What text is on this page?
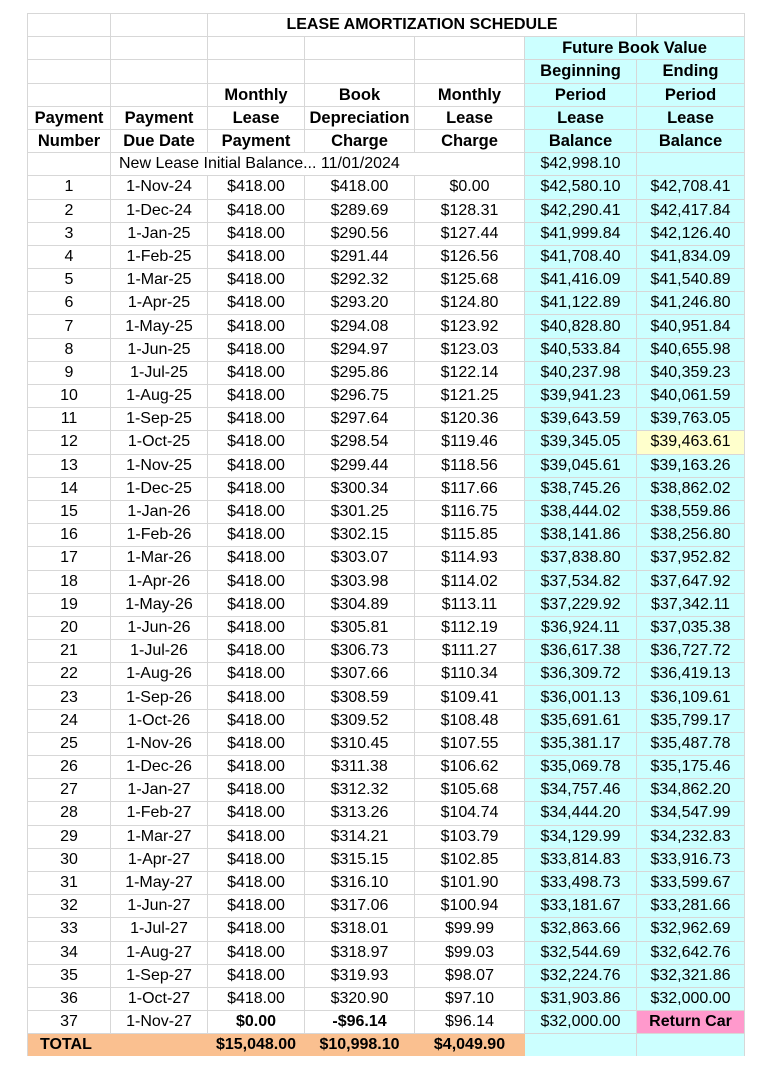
		LEASE AMORTIZATION SCHEDULE				
					Future Book Value	
					Beginning	Ending
		Monthly	Book	Monthly	Period	Period
Payment	Payment	Lease	Depreciation	Lease	Lease	Lease
Number	Due Date	Payment	Charge	Charge	Balance	Balance
	New Lease Initial Balance... 11/01/2024				$42,998.10	
1	1-Nov-24	$418.00	$418.00	$0.00	$42,580.10	$42,708.41
2	1-Dec-24	$418.00	$289.69	$128.31	$42,290.41	$42,417.84
3	1-Jan-25	$418.00	$290.56	$127.44	$41,999.84	$42,126.40
4	1-Feb-25	$418.00	$291.44	$126.56	$41,708.40	$41,834.09
5	1-Mar-25	$418.00	$292.32	$125.68	$41,416.09	$41,540.89
6	1-Apr-25	$418.00	$293.20	$124.80	$41,122.89	$41,246.80
7	1-May-25	$418.00	$294.08	$123.92	$40,828.80	$40,951.84
8	1-Jun-25	$418.00	$294.97	$123.03	$40,533.84	$40,655.98
9	1-Jul-25	$418.00	$295.86	$122.14	$40,237.98	$40,359.23
10	1-Aug-25	$418.00	$296.75	$121.25	$39,941.23	$40,061.59
11	1-Sep-25	$418.00	$297.64	$120.36	$39,643.59	$39,763.05
12	1-Oct-25	$418.00	$298.54	$119.46	$39,345.05	$39,463.61
13	1-Nov-25	$418.00	$299.44	$118.56	$39,045.61	$39,163.26
14	1-Dec-25	$418.00	$300.34	$117.66	$38,745.26	$38,862.02
15	1-Jan-26	$418.00	$301.25	$116.75	$38,444.02	$38,559.86
16	1-Feb-26	$418.00	$302.15	$115.85	$38,141.86	$38,256.80
17	1-Mar-26	$418.00	$303.07	$114.93	$37,838.80	$37,952.82
18	1-Apr-26	$418.00	$303.98	$114.02	$37,534.82	$37,647.92
19	1-May-26	$418.00	$304.89	$113.11	$37,229.92	$37,342.11
20	1-Jun-26	$418.00	$305.81	$112.19	$36,924.11	$37,035.38
21	1-Jul-26	$418.00	$306.73	$111.27	$36,617.38	$36,727.72
22	1-Aug-26	$418.00	$307.66	$110.34	$36,309.72	$36,419.13
23	1-Sep-26	$418.00	$308.59	$109.41	$36,001.13	$36,109.61
24	1-Oct-26	$418.00	$309.52	$108.48	$35,691.61	$35,799.17
25	1-Nov-26	$418.00	$310.45	$107.55	$35,381.17	$35,487.78
26	1-Dec-26	$418.00	$311.38	$106.62	$35,069.78	$35,175.46
27	1-Jan-27	$418.00	$312.32	$105.68	$34,757.46	$34,862.20
28	1-Feb-27	$418.00	$313.26	$104.74	$34,444.20	$34,547.99
29	1-Mar-27	$418.00	$314.21	$103.79	$34,129.99	$34,232.83
30	1-Apr-27	$418.00	$315.15	$102.85	$33,814.83	$33,916.73
31	1-May-27	$418.00	$316.10	$101.90	$33,498.73	$33,599.67
32	1-Jun-27	$418.00	$317.06	$100.94	$33,181.67	$33,281.66
33	1-Jul-27	$418.00	$318.01	$99.99	$32,863.66	$32,962.69
34	1-Aug-27	$418.00	$318.97	$99.03	$32,544.69	$32,642.76
35	1-Sep-27	$418.00	$319.93	$98.07	$32,224.76	$32,321.86
36	1-Oct-27	$418.00	$320.90	$97.10	$31,903.86	$32,000.00
37	1-Nov-27	$0.00	-$96.14	$96.14	$32,000.00	Return Car
TOTAL		$15,048.00	$10,998.10	$4,049.90		
